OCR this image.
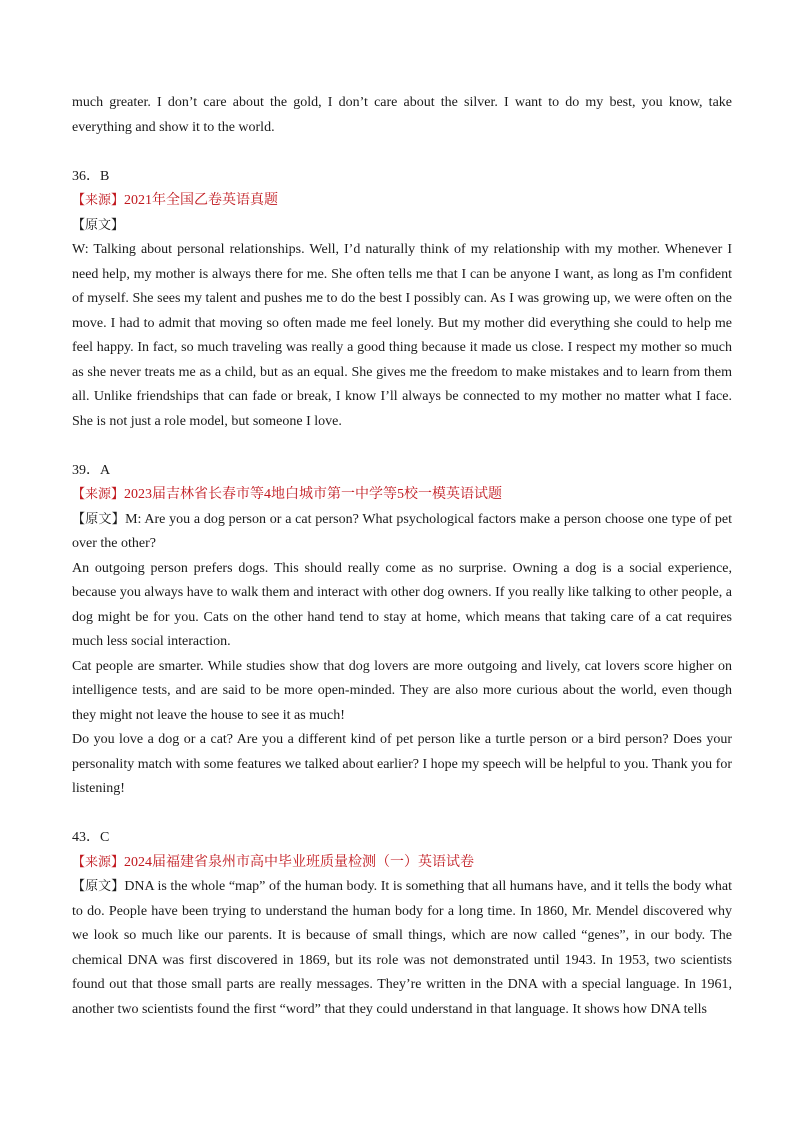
much greater. I don’t care about the gold, I don’t care about the silver. I want to do my best, you know, take everything and show it to the world.

36．B

【来源】2021年全国乙卷英语真题

【原文】

W: Talking about personal relationships. Well, I’d naturally think of my relationship with my mother. Whenever I need help, my mother is always there for me. She often tells me that I can be anyone I want, as long as I'm confident of myself. She sees my talent and pushes me to do the best I possibly can. As I was growing up, we were often on the move. I had to admit that moving so often made me feel lonely. But my mother did everything she could to help me feel happy. In fact, so much traveling was really a good thing because it made us close. I respect my mother so much as she never treats me as a child, but as an equal. She gives me the freedom to make mistakes and to learn from them all. Unlike friendships that can fade or break, I know I’ll always be connected to my mother no matter what I face. She is not just a role model, but someone I love.

39．A

【来源】2023届吉林省长春市等4地白城市第一中学等5校一模英语试题

【原文】M: Are you a dog person or a cat person? What psychological factors make a person choose one type of pet over the other?

An outgoing person prefers dogs. This should really come as no surprise. Owning a dog is a social experience, because you always have to walk them and interact with other dog owners. If you really like talking to other people, a dog might be for you. Cats on the other hand tend to stay at home, which means that taking care of a cat requires much less social interaction.

Cat people are smarter. While studies show that dog lovers are more outgoing and lively, cat lovers score higher on intelligence tests, and are said to be more open-minded. They are also more curious about the world, even though they might not leave the house to see it as much!

Do you love a dog or a cat? Are you a different kind of pet person like a turtle person or a bird person? Does your personality match with some features we talked about earlier? I hope my speech will be helpful to you. Thank you for listening!

43．C

【来源】2024届福建省泉州市高中毕业班质量检测（一）英语试卷

【原文】DNA is the whole “map” of the human body. It is something that all humans have, and it tells the body what to do. People have been trying to understand the human body for a long time. In 1860, Mr. Mendel discovered why we look so much like our parents. It is because of small things, which are now called “genes”, in our body. The chemical DNA was first discovered in 1869, but its role was not demonstrated until 1943. In 1953, two scientists found out that those small parts are really messages. They’re written in the DNA with a special language. In 1961, another two scientists found the first “word” that they could understand in that language. It shows how DNA tells
